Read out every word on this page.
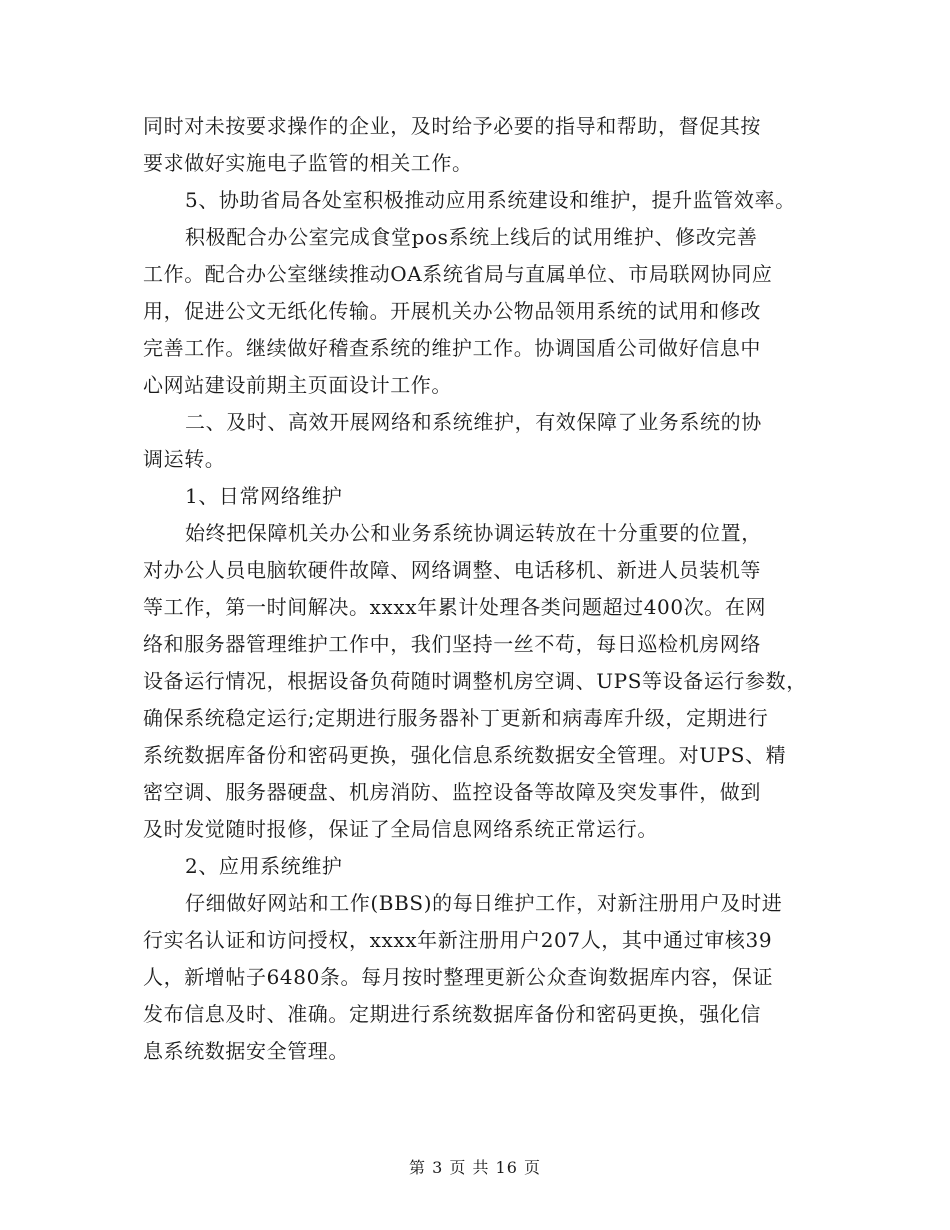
同时对未按要求操作的企业，及时给予必要的指导和帮助，督促其按
要求做好实施电子监管的相关工作。
5、协助省局各处室积极推动应用系统建设和维护，提升监管效率。
积极配合办公室完成食堂pos系统上线后的试用维护、修改完善
工作。配合办公室继续推动OA系统省局与直属单位、市局联网协同应
用，促进公文无纸化传输。开展机关办公物品领用系统的试用和修改
完善工作。继续做好稽查系统的维护工作。协调国盾公司做好信息中
心网站建设前期主页面设计工作。
二、及时、高效开展网络和系统维护，有效保障了业务系统的协
调运转。
1、日常网络维护
始终把保障机关办公和业务系统协调运转放在十分重要的位置，
对办公人员电脑软硬件故障、网络调整、电话移机、新进人员装机等
等工作，第一时间解决。xxxx年累计处理各类问题超过400次。在网
络和服务器管理维护工作中，我们坚持一丝不苟，每日巡检机房网络
设备运行情况，根据设备负荷随时调整机房空调、UPS等设备运行参数，
确保系统稳定运行;定期进行服务器补丁更新和病毒库升级，定期进行
系统数据库备份和密码更换，强化信息系统数据安全管理。对UPS、精
密空调、服务器硬盘、机房消防、监控设备等故障及突发事件，做到
及时发觉随时报修，保证了全局信息网络系统正常运行。
2、应用系统维护
仔细做好网站和工作(BBS)的每日维护工作，对新注册用户及时进
行实名认证和访问授权，xxxx年新注册用户207人，其中通过审核39
人，新增帖子6480条。每月按时整理更新公众查询数据库内容，保证
发布信息及时、准确。定期进行系统数据库备份和密码更换，强化信
息系统数据安全管理。
第 3 页 共 16 页
